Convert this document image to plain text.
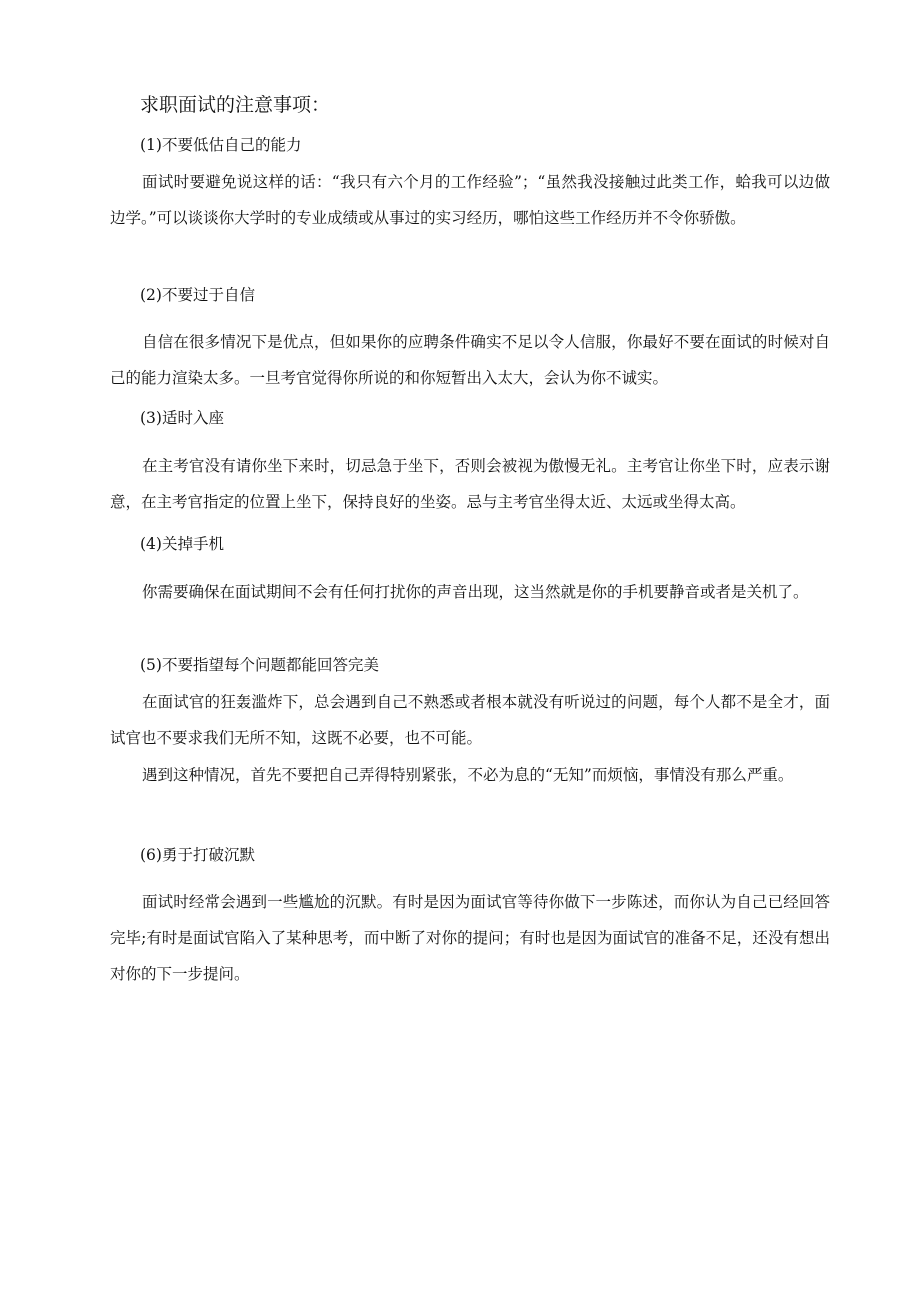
求职面试的注意事项：

(1)不要低估自己的能力

面试时要避免说这样的话：“我只有六个月的工作经验”；“虽然我没接触过此类工作，蛤我可以边做边学。”可以谈谈你大学时的专业成绩或从事过的实习经历，哪怕这些工作经历并不令你骄傲。

(2)不要过于自信

自信在很多情况下是优点，但如果你的应聘条件确实不足以令人信服，你最好不要在面试的时候对自己的能力渲染太多。一旦考官觉得你所说的和你短暂出入太大，会认为你不诚实。

(3)适时入座

在主考官没有请你坐下来时，切忌急于坐下，否则会被视为傲慢无礼。主考官让你坐下时，应表示谢意，在主考官指定的位置上坐下，保持良好的坐姿。忌与主考官坐得太近、太远或坐得太高。

(4)关掉手机

你需要确保在面试期间不会有任何打扰你的声音出现，这当然就是你的手机要静音或者是关机了。

(5)不要指望每个问题都能回答完美

在面试官的狂轰滥炸下，总会遇到自己不熟悉或者根本就没有听说过的问题，每个人都不是全才，面试官也不要求我们无所不知，这既不必要，也不可能。

遇到这种情况，首先不要把自己弄得特别紧张，不必为息的“无知”而烦恼，事情没有那么严重。

(6)勇于打破沉默

面试时经常会遇到一些尴尬的沉默。有时是因为面试官等待你做下一步陈述，而你认为自己已经回答完毕;有时是面试官陷入了某种思考，而中断了对你的提问；有时也是因为面试官的准备不足，还没有想出对你的下一步提问。
